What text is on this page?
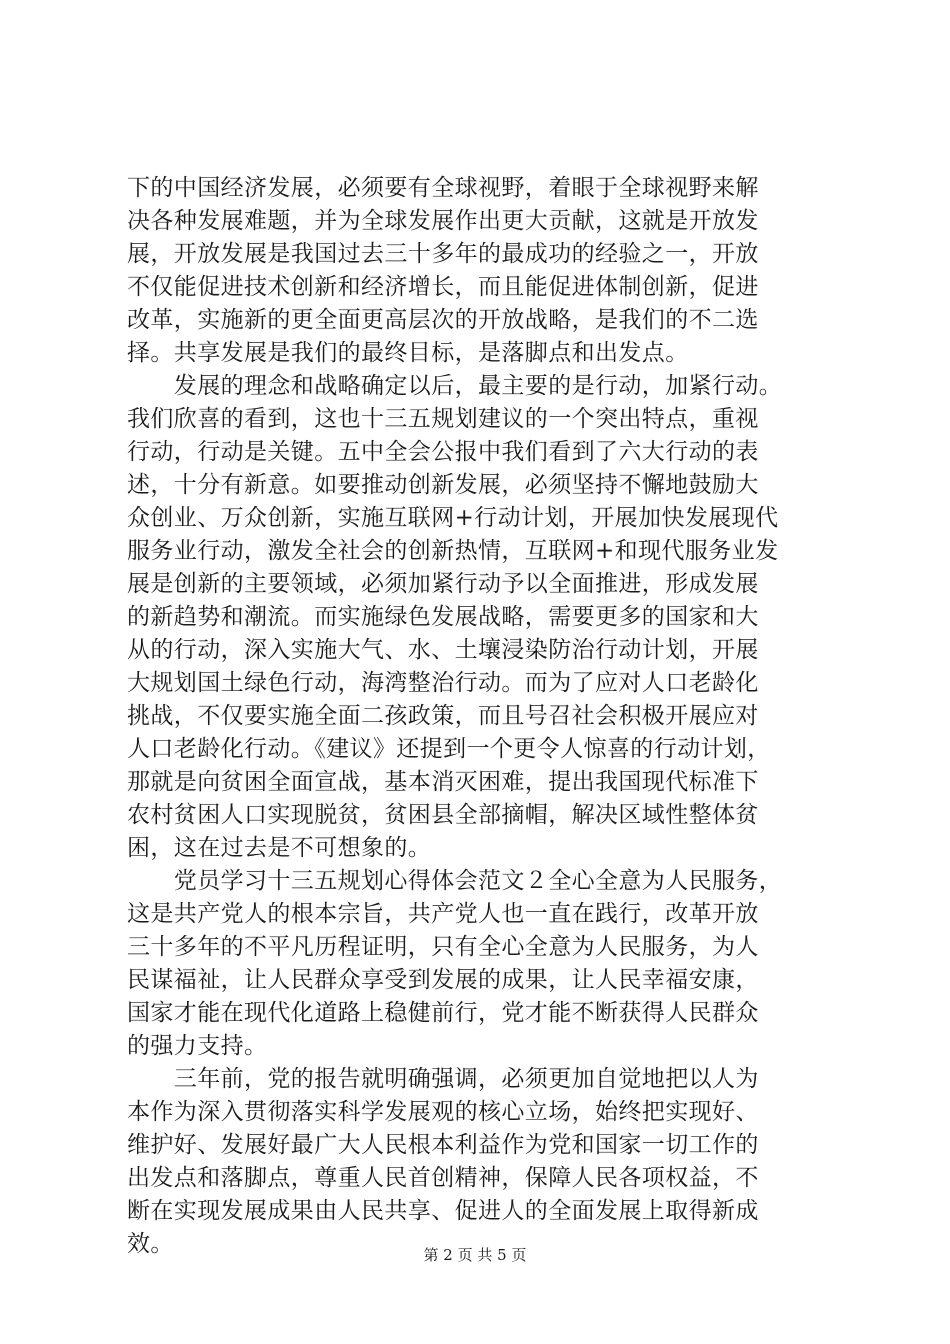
下的中国经济发展，必须要有全球视野，着眼于全球视野来解
决各种发展难题，并为全球发展作出更大贡献，这就是开放发
展，开放发展是我国过去三十多年的最成功的经验之一，开放
不仅能促进技术创新和经济增长，而且能促进体制创新，促进
改革，实施新的更全面更高层次的开放战略，是我们的不二选
择。共享发展是我们的最终目标，是落脚点和出发点。
　　发展的理念和战略确定以后，最主要的是行动，加紧行动。
我们欣喜的看到，这也十三五规划建议的一个突出特点，重视
行动，行动是关键。五中全会公报中我们看到了六大行动的表
述，十分有新意。如要推动创新发展，必须坚持不懈地鼓励大
众创业、万众创新，实施互联网+行动计划，开展加快发展现代
服务业行动，激发全社会的创新热情，互联网+和现代服务业发
展是创新的主要领域，必须加紧行动予以全面推进，形成发展
的新趋势和潮流。而实施绿色发展战略，需要更多的国家和大
从的行动，深入实施大气、水、土壤浸染防治行动计划，开展
大规划国土绿色行动，海湾整治行动。而为了应对人口老龄化
挑战，不仅要实施全面二孩政策，而且号召社会积极开展应对
人口老龄化行动。《建议》还提到一个更令人惊喜的行动计划，
那就是向贫困全面宣战，基本消灭困难，提出我国现代标准下
农村贫困人口实现脱贫，贫困县全部摘帽，解决区域性整体贫
困，这在过去是不可想象的。
　　党员学习十三五规划心得体会范文２全心全意为人民服务，
这是共产党人的根本宗旨，共产党人也一直在践行，改革开放
三十多年的不平凡历程证明，只有全心全意为人民服务，为人
民谋福祉，让人民群众享受到发展的成果，让人民幸福安康，
国家才能在现代化道路上稳健前行，党才能不断获得人民群众
的强力支持。
　　三年前，党的报告就明确强调，必须更加自觉地把以人为
本作为深入贯彻落实科学发展观的核心立场，始终把实现好、
维护好、发展好最广大人民根本利益作为党和国家一切工作的
出发点和落脚点，尊重人民首创精神，保障人民各项权益，不
断在实现发展成果由人民共享、促进人的全面发展上取得新成
效。	第 2 页 共 5 页
